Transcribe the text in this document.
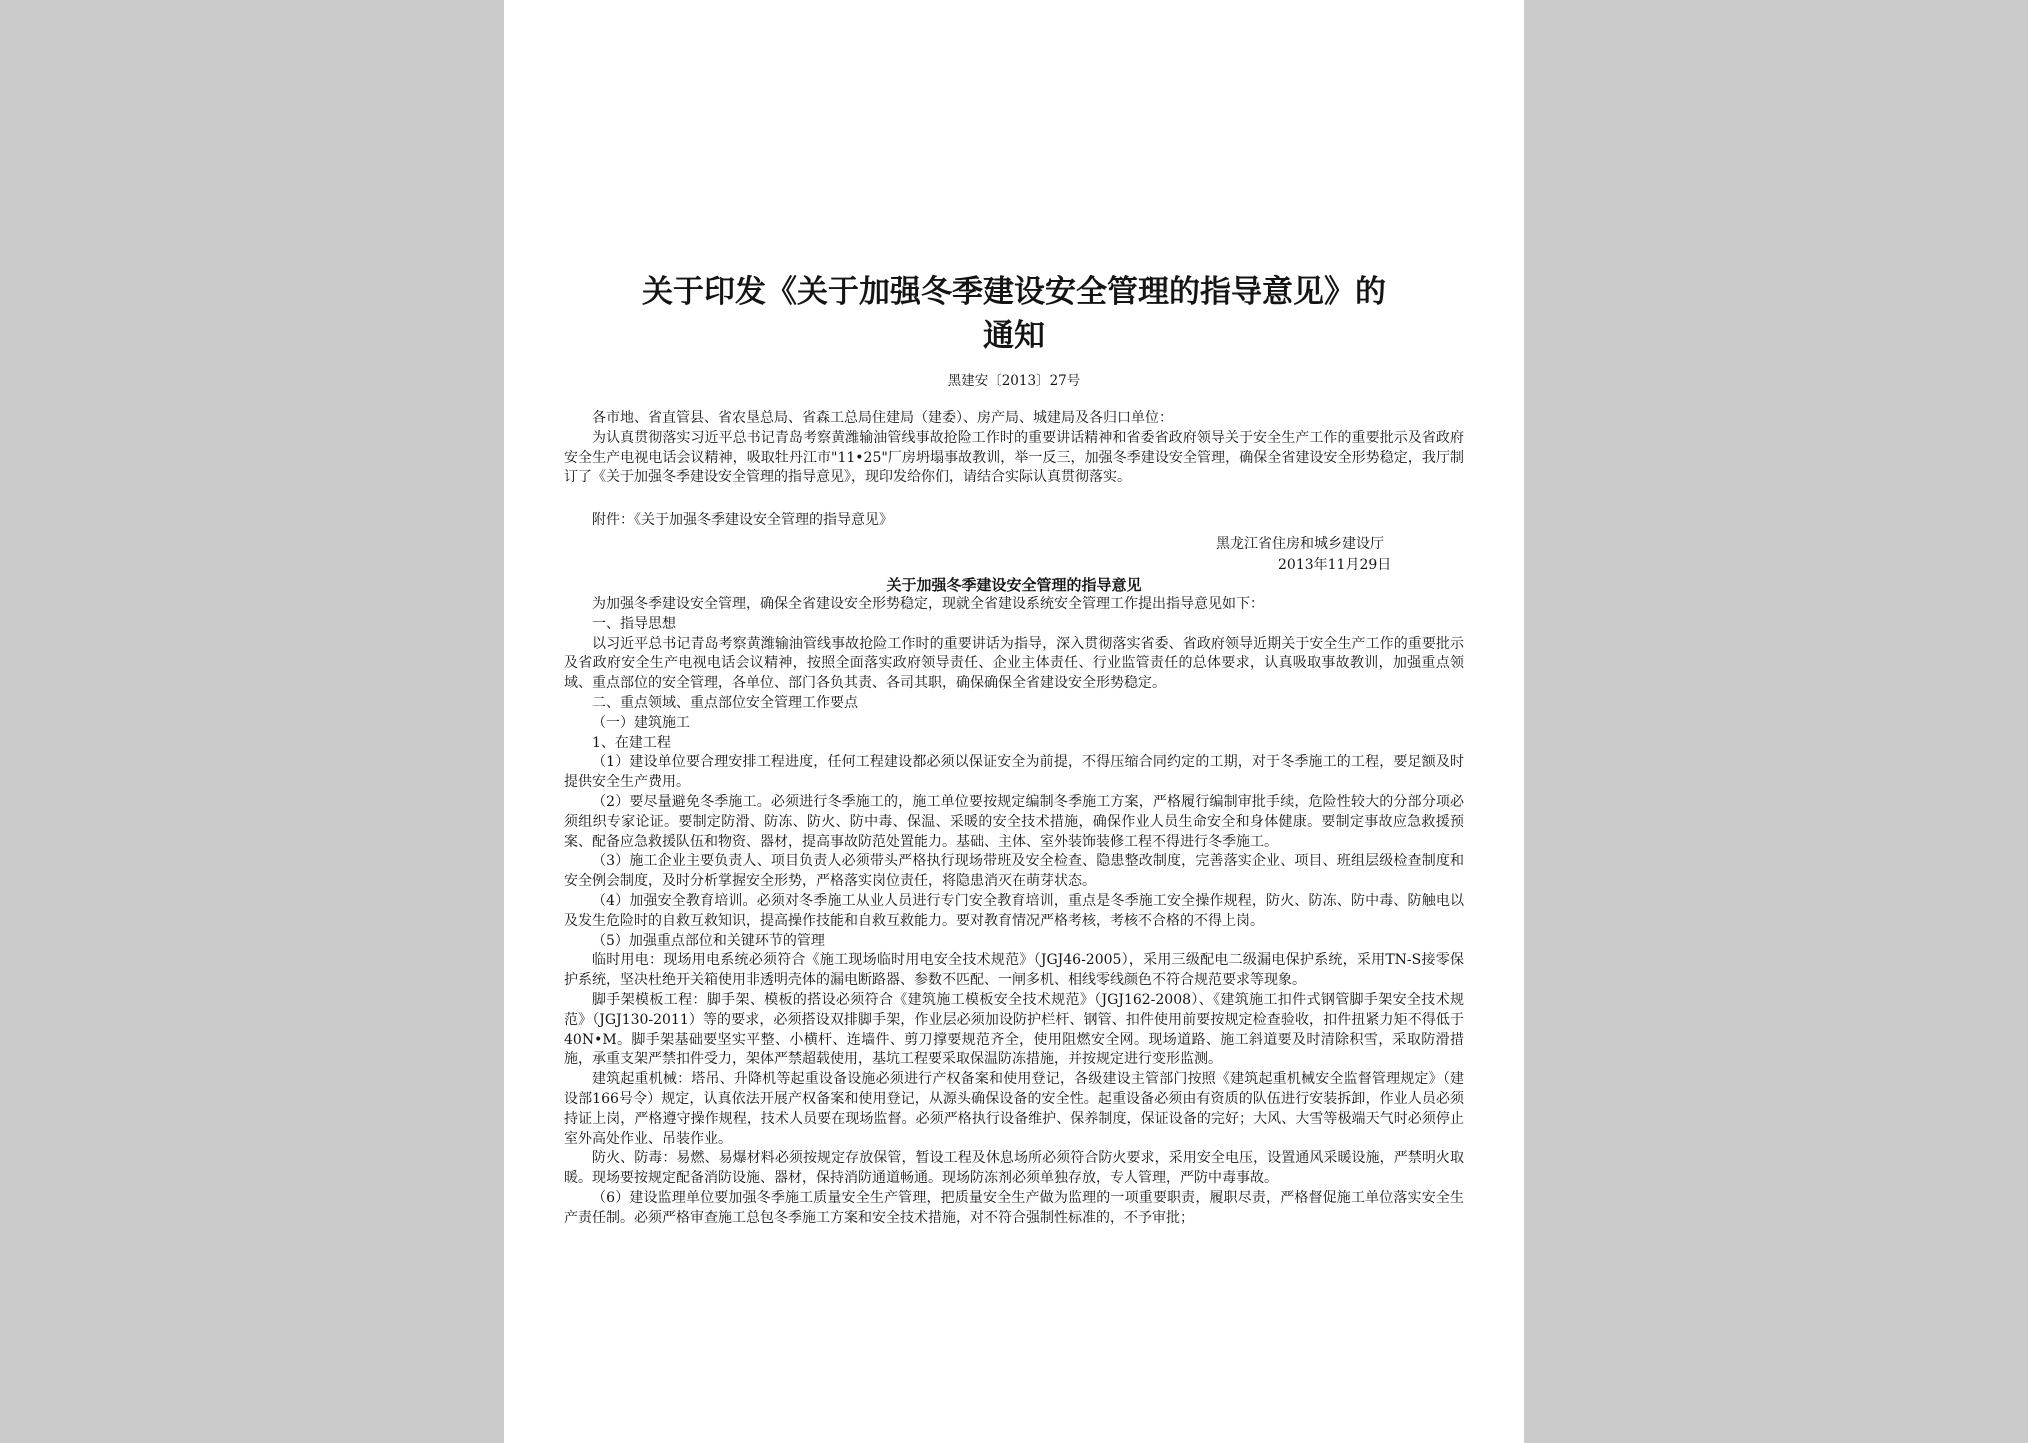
关于印发《关于加强冬季建设安全管理的指导意见》的
通知
黑建安〔2013〕27号

各市地、省直管县、省农垦总局、省森工总局住建局（建委）、房产局、城建局及各归口单位：

为认真贯彻落实习近平总书记青岛考察黄潍输油管线事故抢险工作时的重要讲话精神和省委省政府领导关于安全生产工作的重要批示及省政府安全生产电视电话会议精神，吸取牡丹江市"11•25"厂房坍塌事故教训，举一反三，加强冬季建设安全管理，确保全省建设安全形势稳定，我厅制订了《关于加强冬季建设安全管理的指导意见》，现印发给你们，请结合实际认真贯彻落实。

附件：《关于加强冬季建设安全管理的指导意见》

黑龙江省住房和城乡建设厅
2013年11月29日
关于加强冬季建设安全管理的指导意见

为加强冬季建设安全管理，确保全省建设安全形势稳定，现就全省建设系统安全管理工作提出指导意见如下：

一、指导思想

以习近平总书记青岛考察黄潍输油管线事故抢险工作时的重要讲话为指导，深入贯彻落实省委、省政府领导近期关于安全生产工作的重要批示及省政府安全生产电视电话会议精神，按照全面落实政府领导责任、企业主体责任、行业监管责任的总体要求，认真吸取事故教训，加强重点领域、重点部位的安全管理，各单位、部门各负其责、各司其职，确保确保全省建设安全形势稳定。

二、重点领域、重点部位安全管理工作要点

（一）建筑施工

1、在建工程

（1）建设单位要合理安排工程进度，任何工程建设都必须以保证安全为前提，不得压缩合同约定的工期，对于冬季施工的工程，要足额及时提供安全生产费用。

（2）要尽量避免冬季施工。必须进行冬季施工的，施工单位要按规定编制冬季施工方案，严格履行编制审批手续，危险性较大的分部分项必须组织专家论证。要制定防滑、防冻、防火、防中毒、保温、采暖的安全技术措施，确保作业人员生命安全和身体健康。要制定事故应急救援预案、配备应急救援队伍和物资、器材，提高事故防范处置能力。基础、主体、室外装饰装修工程不得进行冬季施工。

（3）施工企业主要负责人、项目负责人必须带头严格执行现场带班及安全检查、隐患整改制度，完善落实企业、项目、班组层级检查制度和安全例会制度，及时分析掌握安全形势，严格落实岗位责任，将隐患消灭在萌芽状态。

（4）加强安全教育培训。必须对冬季施工从业人员进行专门安全教育培训，重点是冬季施工安全操作规程，防火、防冻、防中毒、防触电以及发生危险时的自救互救知识，提高操作技能和自救互救能力。要对教育情况严格考核，考核不合格的不得上岗。

（5）加强重点部位和关键环节的管理

临时用电：现场用电系统必须符合《施工现场临时用电安全技术规范》（JGJ46-2005），采用三级配电二级漏电保护系统，采用TN-S接零保护系统，坚决杜绝开关箱使用非透明壳体的漏电断路器、参数不匹配、一闸多机、相线零线颜色不符合规范要求等现象。

脚手架模板工程：脚手架、模板的搭设必须符合《建筑施工模板安全技术规范》（JGJ162-2008）、《建筑施工扣件式钢管脚手架安全技术规范》（JGJ130-2011）等的要求，必须搭设双排脚手架，作业层必须加设防护栏杆、钢管、扣件使用前要按规定检查验收，扣件扭紧力矩不得低于40N•M。脚手架基础要坚实平整、小横杆、连墙件、剪刀撑要规范齐全，使用阻燃安全网。现场道路、施工斜道要及时清除积雪，采取防滑措施，承重支架严禁扣件受力，架体严禁超载使用，基坑工程要采取保温防冻措施，并按规定进行变形监测。

建筑起重机械：塔吊、升降机等起重设备设施必须进行产权备案和使用登记，各级建设主管部门按照《建筑起重机械安全监督管理规定》（建设部166号令）规定，认真依法开展产权备案和使用登记，从源头确保设备的安全性。起重设备必须由有资质的队伍进行安装拆卸，作业人员必须持证上岗，严格遵守操作规程，技术人员要在现场监督。必须严格执行设备维护、保养制度，保证设备的完好；大风、大雪等极端天气时必须停止室外高处作业、吊装作业。

防火、防毒：易燃、易爆材料必须按规定存放保管，暂设工程及休息场所必须符合防火要求，采用安全电压，设置通风采暖设施，严禁明火取暖。现场要按规定配备消防设施、器材，保持消防通道畅通。现场防冻剂必须单独存放，专人管理，严防中毒事故。

（6）建设监理单位要加强冬季施工质量安全生产管理，把质量安全生产做为监理的一项重要职责，履职尽责，严格督促施工单位落实安全生产责任制。必须严格审查施工总包冬季施工方案和安全技术措施，对不符合强制性标准的，不予审批；
